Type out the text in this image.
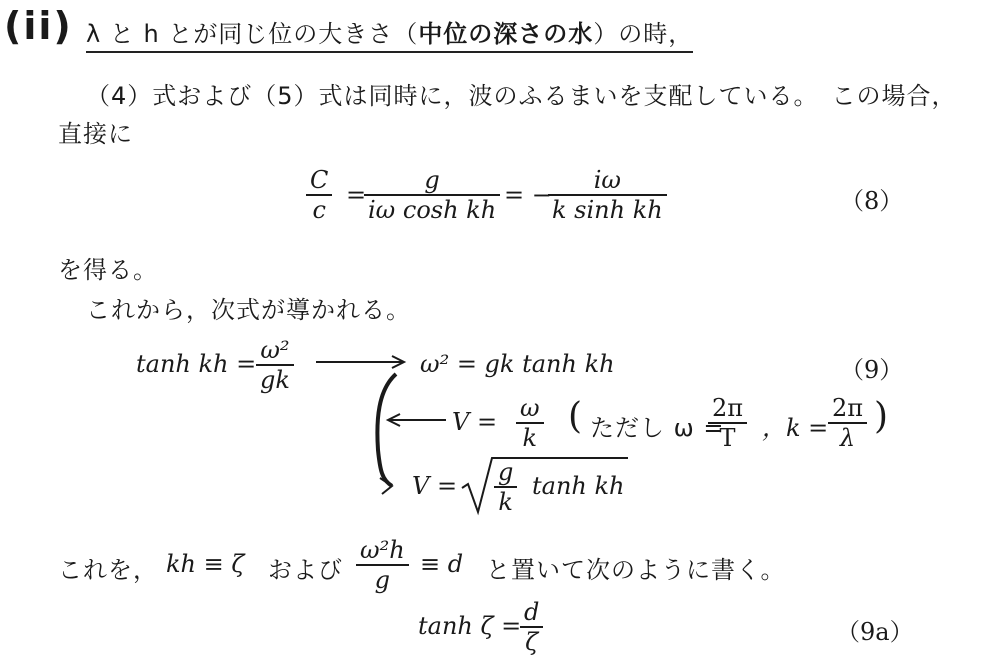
(ii) λ と h とが同じ位の大きさ（中位の深さの水）の時，
（4）式および（5）式は同時に，波のふるまいを支配している。　この場合，
直接に
C
c
=
g
iω cosh kh
= −
iω
k sinh kh	（8）
を得る。
これから，次式が導かれる。
tanh kh = ω²
gk
ω² = gk tanh kh	（9）
V = ω
k
( ただし ω =
2π
T ，k =
2π
λ
)
V = g
k
tanh kh
これを， kh ≡ ζ および
ω²h
g
≡ d と置いて次のように書く。
tanh ζ = d
ζ	（9a）
